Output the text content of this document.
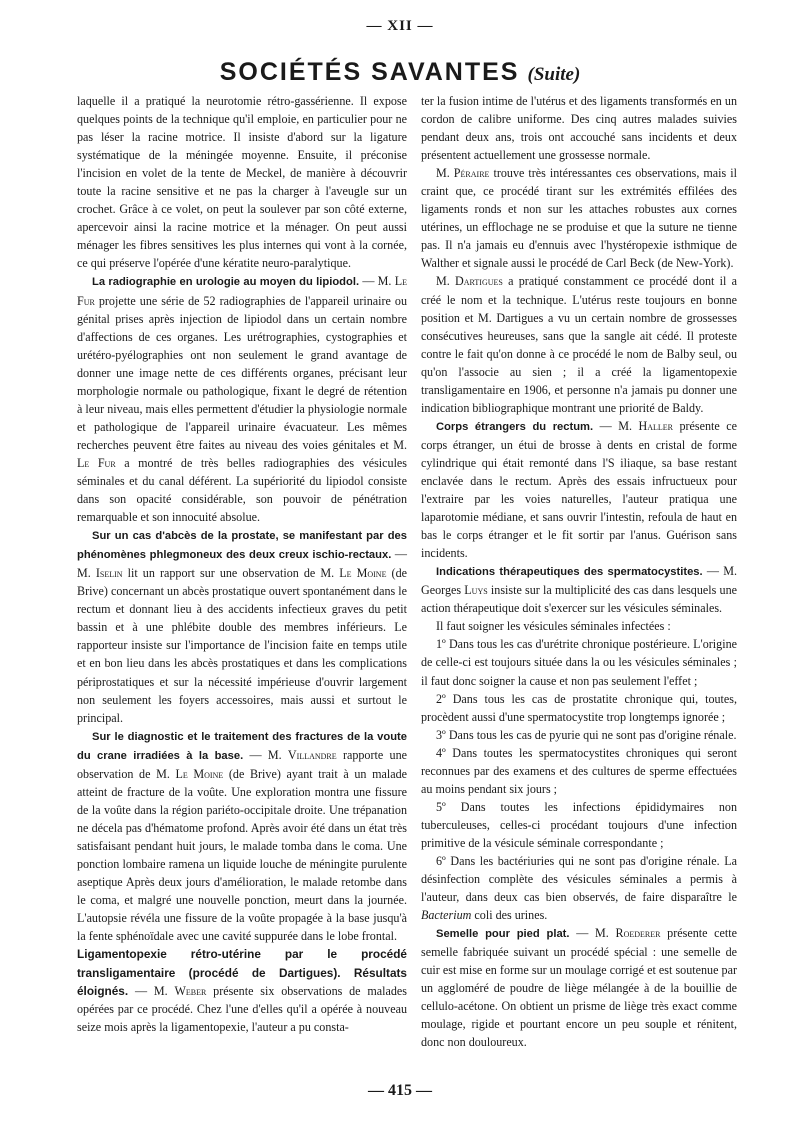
— XII —
SOCIÉTÉS SAVANTES (Suite)

laquelle il a pratiqué la neurotomie rétro-gassérienne. Il expose quelques points de la technique qu'il emploie, en particulier pour ne pas léser la racine motrice. Il insiste d'abord sur la ligature systématique de la méningée moyenne. Ensuite, il préconise l'incision en volet de la tente de Meckel, de manière à découvrir toute la racine sensitive et ne pas la charger à l'aveugle sur un crochet. Grâce à ce volet, on peut la soulever par son côté externe, apercevoir ainsi la racine motrice et la ménager. On peut aussi ménager les fibres sensitives les plus internes qui vont à la cornée, ce qui préserve l'opérée d'une kératite neuro-paralytique.

La radiographie en urologie au moyen du lipiodol. — M. Le Fur projette une série de 52 radiographies de l'appareil urinaire ou génital prises après injection de lipiodol dans un certain nombre d'affections de ces organes. Les urétrographies, cystographies et urétéro-pyélographies ont non seulement le grand avantage de donner une image nette de ces différents organes, précisant leur morphologie normale ou pathologique, fixant le degré de rétention à leur niveau, mais elles permettent d'étudier la physiologie normale et pathologique de l'appareil urinaire évacuateur. Les mêmes recherches peuvent être faites au niveau des voies génitales et M. Le Fur a montré de très belles radiographies des vésicules séminales et du canal déférent. La supériorité du lipiodol consiste dans son opacité considérable, son pouvoir de pénétration remarquable et son innocuité absolue.

Sur un cas d'abcès de la prostate, se manifestant par des phénomènes phlegmoneux des deux creux ischio-rectaux. — M. Iselin lit un rapport sur une observation de M. Le Moine (de Brive) concernant un abcès prostatique ouvert spontanément dans le rectum et donnant lieu à des accidents infectieux graves du petit bassin et à une phlébite double des membres inférieurs. Le rapporteur insiste sur l'importance de l'incision faite en temps utile et en bon lieu dans les abcès prostatiques et dans les complications périprostatiques et sur la nécessité impérieuse d'ouvrir largement non seulement les foyers accessoires, mais aussi et surtout le principal.

Sur le diagnostic et le traitement des fractures de la voute du crane irradiées à la base. — M. Villandre rapporte une observation de M. Le Moine (de Brive) ayant trait à un malade atteint de fracture de la voûte. Une exploration montra une fissure de la voûte dans la région pariéto-occipitale droite. Une trépanation ne décela pas d'hématome profond. Après avoir été dans un état très satisfaisant pendant huit jours, le malade tomba dans le coma. Une ponction lombaire ramena un liquide louche de méningite purulente aseptique Après deux jours d'amélioration, le malade retombe dans le coma, et malgré une nouvelle ponction, meurt dans la journée. L'autopsie révéla une fissure de la voûte propagée à la base jusqu'à la fente sphénoïdale avec une cavité suppurée dans le lobe frontal.

Ligamentopexie rétro-utérine par le procédé transligamentaire (procédé de Dartigues). Résultats éloignés. — M. Weber présente six observations de malades opérées par ce procédé. Chez l'une d'elles qu'il a opérée à nouveau seize mois après la ligamentopexie, l'auteur a pu consta-

ter la fusion intime de l'utérus et des ligaments transformés en un cordon de calibre uniforme. Des cinq autres malades suivies pendant deux ans, trois ont accouché sans incidents et deux présentent actuellement une grossesse normale.

M. Péraire trouve très intéressantes ces observations, mais il craint que, ce procédé tirant sur les extrémités effilées des ligaments ronds et non sur les attaches robustes aux cornes utérines, un efflochage ne se produise et que la suture ne tienne pas. Il n'a jamais eu d'ennuis avec l'hystéropexie isthmique de Walther et signale aussi le procédé de Carl Beck (de New-York).

M. Dartigues a pratiqué constamment ce procédé dont il a créé le nom et la technique. L'utérus reste toujours en bonne position et M. Dartigues a vu un certain nombre de grossesses consécutives heureuses, sans que la sangle ait cédé. Il proteste contre le fait qu'on donne à ce procédé le nom de Balby seul, ou qu'on l'associe au sien ; il a créé la ligamentopexie transligamentaire en 1906, et personne n'a jamais pu donner une indication bibliographique montrant une priorité de Baldy.

Corps étrangers du rectum. — M. Haller présente ce corps étranger, un étui de brosse à dents en cristal de forme cylindrique qui était remonté dans l'S iliaque, sa base restant enclavée dans le rectum. Après des essais infructueux pour l'extraire par les voies naturelles, l'auteur pratiqua une laparotomie médiane, et sans ouvrir l'intestin, refoula de haut en bas le corps étranger et le fit sortir par l'anus. Guérison sans incidents.

Indications thérapeutiques des spermatocystites. — M. Georges Luys insiste sur la multiplicité des cas dans lesquels une action thérapeutique doit s'exercer sur les vésicules séminales.

Il faut soigner les vésicules séminales infectées :

1º Dans tous les cas d'urétrite chronique postérieure. L'origine de celle-ci est toujours située dans la ou les vésicules séminales ; il faut donc soigner la cause et non pas seulement l'effet ;

2º Dans tous les cas de prostatite chronique qui, toutes, procèdent aussi d'une spermatocystite trop longtemps ignorée ;

3º Dans tous les cas de pyurie qui ne sont pas d'origine rénale.

4º Dans toutes les spermatocystites chroniques qui seront reconnues par des examens et des cultures de sperme effectuées au moins pendant six jours ;

5º Dans toutes les infections épididymaires non tuberculeuses, celles-ci procédant toujours d'une infection primitive de la vésicule séminale correspondante ;

6º Dans les bactériuries qui ne sont pas d'origine rénale. La désinfection complète des vésicules séminales a permis à l'auteur, dans deux cas bien observés, de faire disparaître le Bacterium coli des urines.

Semelle pour pied plat. — M. Roederer présente cette semelle fabriquée suivant un procédé spécial : une semelle de cuir est mise en forme sur un moulage corrigé et est soutenue par un aggloméré de poudre de liège mélangée à de la bouillie de cellulo-acétone. On obtient un prisme de liège très exact comme moulage, rigide et pourtant encore un peu souple et rénitent, donc non douloureux.

— 415 —
